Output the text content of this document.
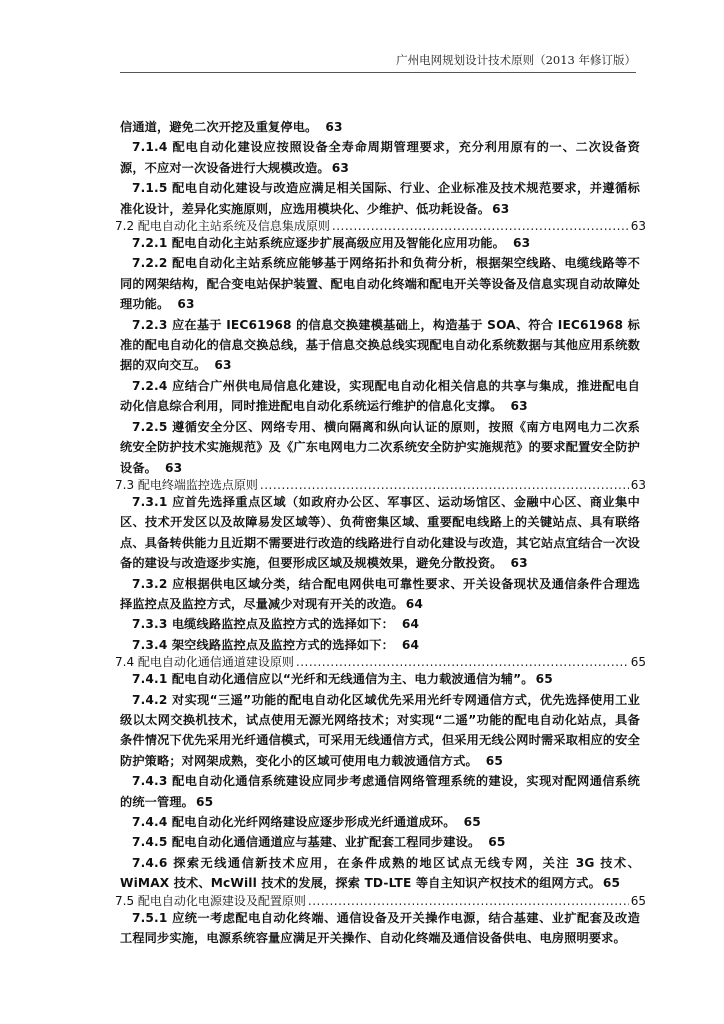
广州电网规划设计技术原则（2013 年修订版）

信通道，避免二次开挖及重复停电。 63

7.1.4 配电自动化建设应按照设备全寿命周期管理要求，充分利用原有的一、二次设备资源，不应对一次设备进行大规模改造。 63

7.1.5 配电自动化建设与改造应满足相关国际、行业、企业标准及技术规范要求，并遵循标准化设计，差异化实施原则，应选用模块化、少维护、低功耗设备。 63

7.2 配电自动化主站系统及信息集成原则 .....	63

7.2.1 配电自动化主站系统应逐步扩展高级应用及智能化应用功能。 63

7.2.2 配电自动化主站系统应能够基于网络拓扑和负荷分析，根据架空线路、电缆线路等不同的网架结构，配合变电站保护装置、配电自动化终端和配电开关等设备及信息实现自动故障处理功能。 63

7.2.3 应在基于 IEC61968 的信息交换建模基础上，构造基于 SOA、符合 IEC61968 标准的配电自动化的信息交换总线，基于信息交换总线实现配电自动化系统数据与其他应用系统数据的双向交互。 63

7.2.4 应结合广州供电局信息化建设，实现配电自动化相关信息的共享与集成，推进配电自动化信息综合利用，同时推进配电自动化系统运行维护的信息化支撑。 63

7.2.5 遵循安全分区、网络专用、横向隔离和纵向认证的原则，按照《南方电网电力二次系统安全防护技术实施规范》及《广东电网电力二次系统安全防护实施规范》的要求配置安全防护设备。 63

7.3 配电终端监控选点原则 .....	63

7.3.1 应首先选择重点区域（如政府办公区、军事区、运动场馆区、金融中心区、商业集中区、技术开发区以及故障易发区域等）、负荷密集区域、重要配电线路上的关键站点、具有联络点、具备转供能力且近期不需要进行改造的线路进行自动化建设与改造，其它站点宜结合一次设备的建设与改造逐步实施，但要形成区域及规模效果，避免分散投资。 63

7.3.2 应根据供电区域分类，结合配电网供电可靠性要求、开关设备现状及通信条件合理选择监控点及监控方式，尽量减少对现有开关的改造。 64

7.3.3 电缆线路监控点及监控方式的选择如下： 64

7.3.4 架空线路监控点及监控方式的选择如下： 64

7.4 配电自动化通信通道建设原则 .....	65

7.4.1 配电自动化通信应以“光纤和无线通信为主、电力载波通信为辅”。 65

7.4.2 对实现“三遥”功能的配电自动化区域优先采用光纤专网通信方式，优先选择使用工业级以太网交换机技术，试点使用无源光网络技术；对实现“二遥”功能的配电自动化站点，具备条件情况下优先采用光纤通信模式，可采用无线通信方式，但采用无线公网时需采取相应的安全防护策略；对网架成熟，变化小的区域可使用电力载波通信方式。 65

7.4.3 配电自动化通信系统建设应同步考虑通信网络管理系统的建设，实现对配网通信系统的统一管理。 65

7.4.4 配电自动化光纤网络建设应逐步形成光纤通道成环。 65

7.4.5 配电自动化通信通道应与基建、业扩配套工程同步建设。 65

7.4.6 探索无线通信新技术应用，在条件成熟的地区试点无线专网，关注 3G 技术、WiMAX 技术、McWill 技术的发展，探索 TD-LTE 等自主知识产权技术的组网方式。 65

7.5 配电自动化电源建设及配置原则 .....	65

7.5.1 应统一考虑配电自动化终端、通信设备及开关操作电源，结合基建、业扩配套及改造工程同步实施，电源系统容量应满足开关操作、自动化终端及通信设备供电、电房照明要求。
